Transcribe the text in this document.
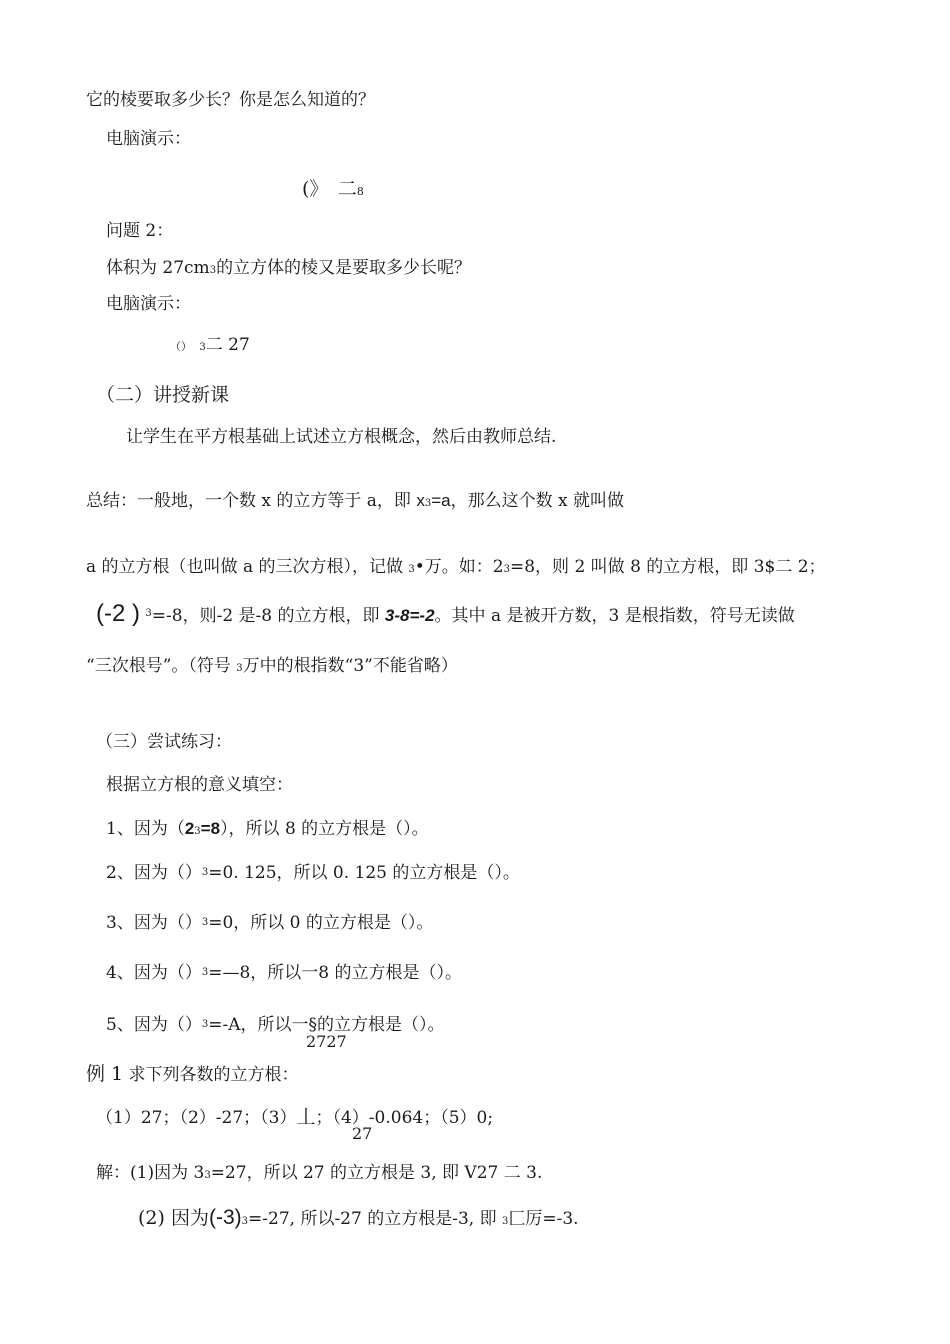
它的棱要取多少长？你是怎么知道的？
电脑演示：
(》 二8
问题 2：
体积为 27cm3的立方体的棱又是要取多少长呢？
电脑演示：
（） 3二 27
（二）讲授新课
让学生在平方根基础上试述立方根概念，然后由教师总结.
总结：一般地，一个数 x 的立方等于 a，即 x3=a，那么这个数 x 就叫做
a 的立方根（也叫做 a 的三次方根），记做 3•万。如：23=8，则 2 叫做 8 的立方根，即 3$二 2；
(-2 ) $^3$=-8，则-2 是-8 的立方根，即 3-8=-2。其中 a 是被开方数，3 是根指数，符号无读做
“三次根号”。（符号 3万中的根指数“3”不能省略）
（三）尝试练习：
根据立方根的意义填空：
1、因为（23=8），所以 8 的立方根是（）。
2、因为（）$^3$=0. 125，所以 0. 125 的立方根是（）。
3、因为（）$^3$=0，所以 0 的立方根是（）。
4、因为（）$^3$=—8，所以一8 的立方根是（）。
5、因为（）$^3$=-A，所以一§的立方根是（）。
2727
例 1 求下列各数的立方根：
（1）27；（2）-27；（3）丄；（4）-0.064；（5）0;
27
解：(1)因为 33=27，所以 27 的立方根是 3, 即 V27 二 3.
(2) 因为(-3)3=-27, 所以-27 的立方根是-3, 即 3匚厉=-3.
